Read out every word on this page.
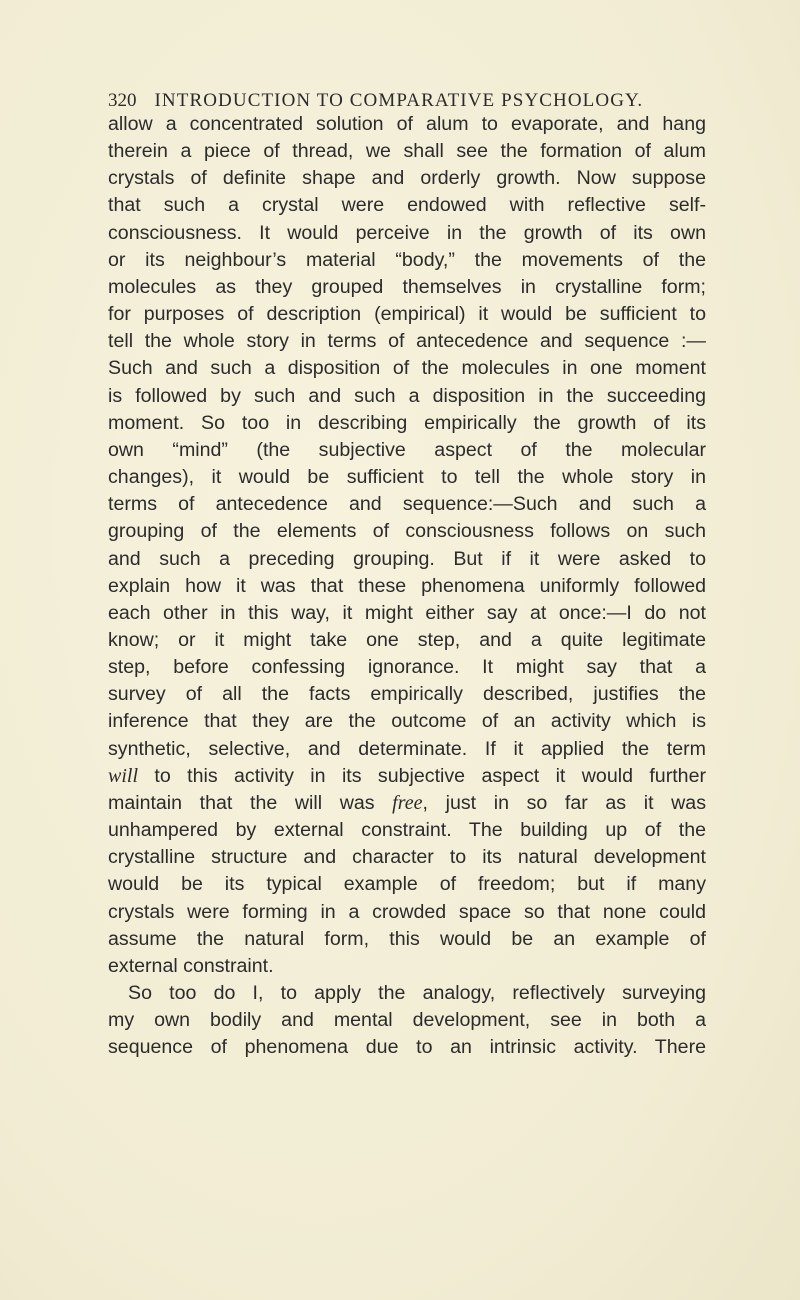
320 INTRODUCTION TO COMPARATIVE PSYCHOLOGY.
allow a concentrated solution of alum to evaporate, and hang
therein a piece of thread, we shall see the formation of alum
crystals of definite shape and orderly growth. Now suppose
that such a crystal were endowed with reflective self-
consciousness. It would perceive in the growth of its own
or its neighbour’s material “body,” the movements of the
molecules as they grouped themselves in crystalline form;
for purposes of description (empirical) it would be sufficient to
tell the whole story in terms of antecedence and sequence :—
Such and such a disposition of the molecules in one moment
is followed by such and such a disposition in the succeeding
moment. So too in describing empirically the growth of its
own “mind” (the subjective aspect of the molecular
changes), it would be sufficient to tell the whole story in
terms of antecedence and sequence:—Such and such a
grouping of the elements of consciousness follows on such
and such a preceding grouping. But if it were asked to
explain how it was that these phenomena uniformly followed
each other in this way, it might either say at once:—I do not
know; or it might take one step, and a quite legitimate
step, before confessing ignorance. It might say that a
survey of all the facts empirically described, justifies the
inference that they are the outcome of an activity which is
synthetic, selective, and determinate. If it applied the term
will to this activity in its subjective aspect it would further
maintain that the will was free, just in so far as it was
unhampered by external constraint. The building up of the
crystalline structure and character to its natural development
would be its typical example of freedom; but if many
crystals were forming in a crowded space so that none could
assume the natural form, this would be an example of
external constraint.
So too do I, to apply the analogy, reflectively surveying
my own bodily and mental development, see in both a
sequence of phenomena due to an intrinsic activity. There
